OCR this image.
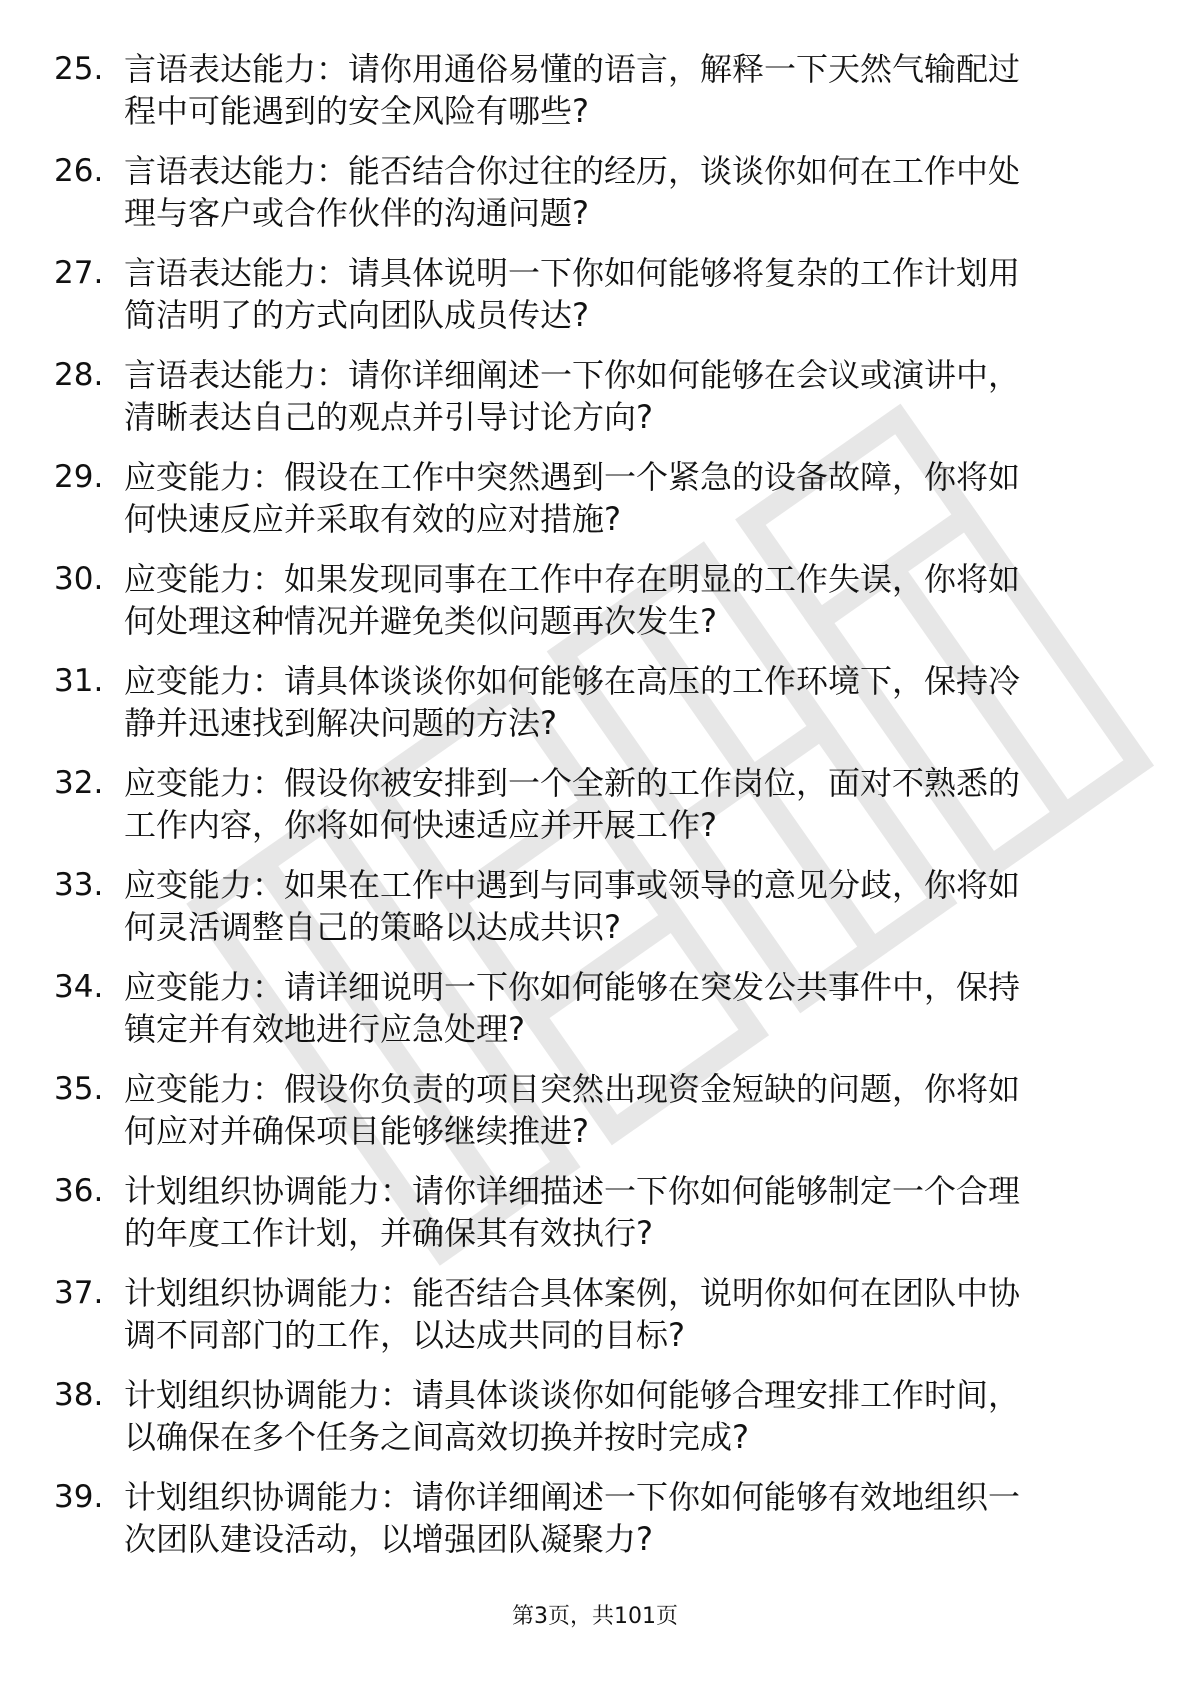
25. 言语表达能力：请你用通俗易懂的语言，解释一下天然气输配过
程中可能遇到的安全风险有哪些?
26. 言语表达能力：能否结合你过往的经历，谈谈你如何在工作中处
理与客户或合作伙伴的沟通问题?
27. 言语表达能力：请具体说明一下你如何能够将复杂的工作计划用
简洁明了的方式向团队成员传达?
28. 言语表达能力：请你详细阐述一下你如何能够在会议或演讲中，
清晰表达自己的观点并引导讨论方向?
29. 应变能力：假设在工作中突然遇到一个紧急的设备故障，你将如
何快速反应并采取有效的应对措施?
30. 应变能力：如果发现同事在工作中存在明显的工作失误，你将如
何处理这种情况并避免类似问题再次发生?
31. 应变能力：请具体谈谈你如何能够在高压的工作环境下，保持冷
静并迅速找到解决问题的方法?
32. 应变能力：假设你被安排到一个全新的工作岗位，面对不熟悉的
工作内容，你将如何快速适应并开展工作?
33. 应变能力：如果在工作中遇到与同事或领导的意见分歧，你将如
何灵活调整自己的策略以达成共识?
34. 应变能力：请详细说明一下你如何能够在突发公共事件中，保持
镇定并有效地进行应急处理?
35. 应变能力：假设你负责的项目突然出现资金短缺的问题，你将如
何应对并确保项目能够继续推进?
36. 计划组织协调能力：请你详细描述一下你如何能够制定一个合理
的年度工作计划，并确保其有效执行?
37. 计划组织协调能力：能否结合具体案例，说明你如何在团队中协
调不同部门的工作，以达成共同的目标?
38. 计划组织协调能力：请具体谈谈你如何能够合理安排工作时间，
以确保在多个任务之间高效切换并按时完成?
39. 计划组织协调能力：请你详细阐述一下你如何能够有效地组织一
次团队建设活动，以增强团队凝聚力?
第3页，共101页
